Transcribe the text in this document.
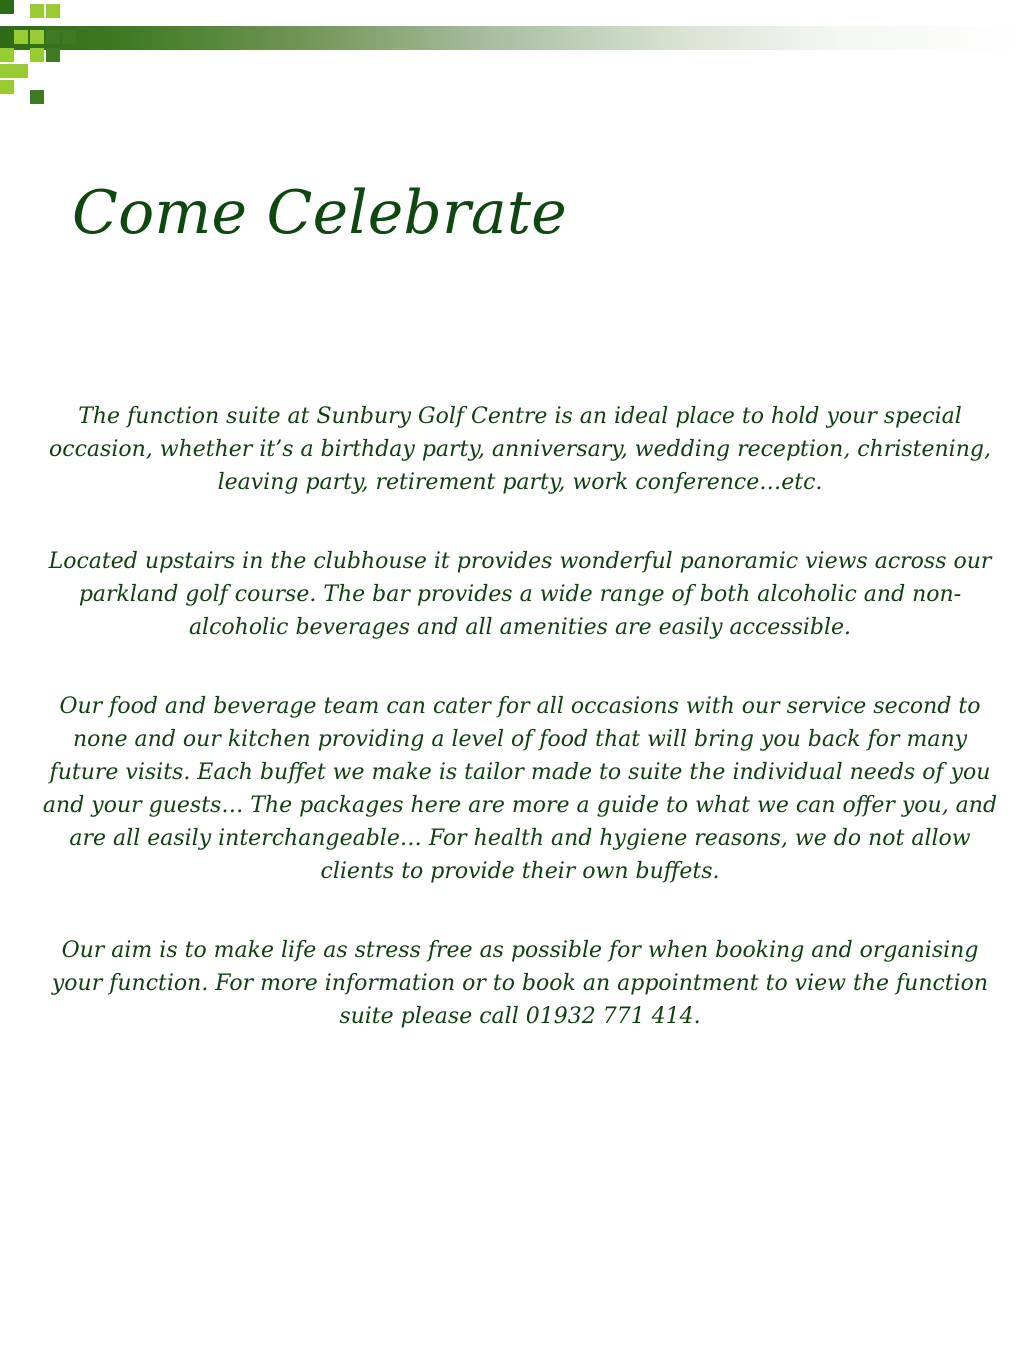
Come Celebrate

The function suite at Sunbury Golf Centre is an ideal place to hold your special occasion, whether it’s a birthday party, anniversary, wedding reception, christening, leaving party, retirement party, work conference…etc.

Located upstairs in the clubhouse it provides wonderful panoramic views across our parkland golf course. The bar provides a wide range of both alcoholic and non-alcoholic beverages and all amenities are easily accessible.

Our food and beverage team can cater for all occasions with our service second to none and our kitchen providing a level of food that will bring you back for many future visits. Each buffet we make is tailor made to suite the individual needs of you and your guests… The packages here are more a guide to what we can offer you, and are all easily interchangeable… For health and hygiene reasons, we do not allow clients to provide their own buffets.

Our aim is to make life as stress free as possible for when booking and organising your function. For more information or to book an appointment to view the function suite please call 01932 771 414.
